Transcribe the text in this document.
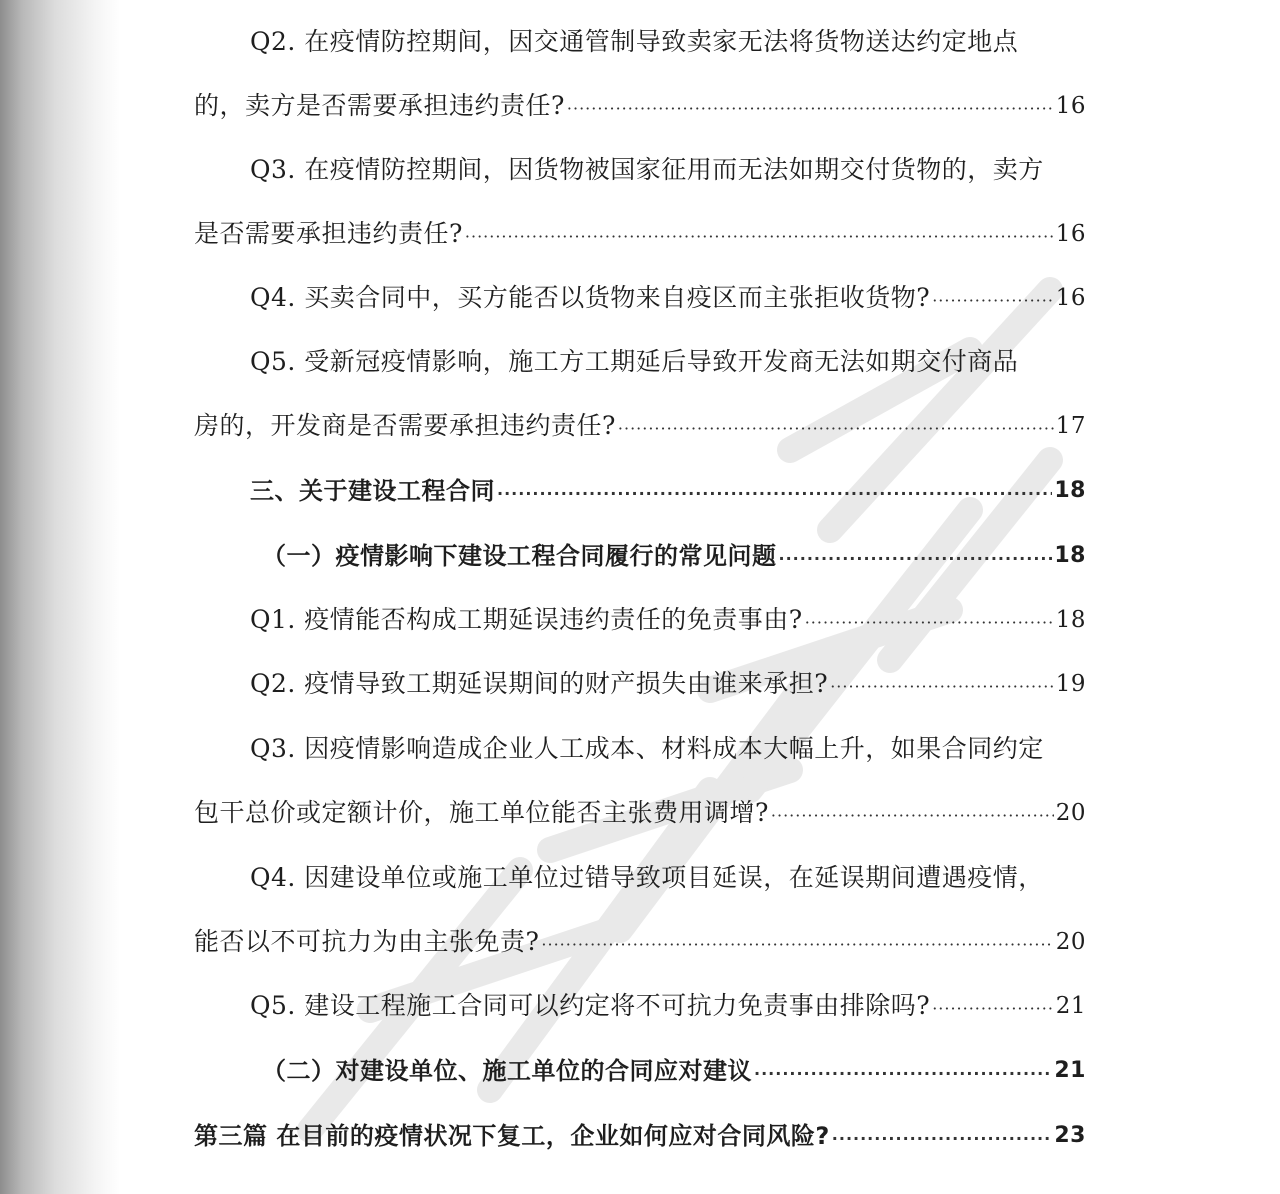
Q2. 在疫情防控期间，因交通管制导致卖家无法将货物送达约定地点
的，卖方是否需要承担违约责任? ·····	16
Q3. 在疫情防控期间，因货物被国家征用而无法如期交付货物的，卖方
是否需要承担违约责任? ·····	16
Q4. 买卖合同中，买方能否以货物来自疫区而主张拒收货物? ·····	16
Q5. 受新冠疫情影响，施工方工期延后导致开发商无法如期交付商品
房的，开发商是否需要承担违约责任? ·····	17
三、关于建设工程合同 ·····	18
（一）疫情影响下建设工程合同履行的常见问题 ·····	18
Q1. 疫情能否构成工期延误违约责任的免责事由? ·····	18
Q2. 疫情导致工期延误期间的财产损失由谁来承担? ·····	19
Q3. 因疫情影响造成企业人工成本、材料成本大幅上升，如果合同约定
包干总价或定额计价，施工单位能否主张费用调增? ·····	20
Q4. 因建设单位或施工单位过错导致项目延误，在延误期间遭遇疫情，
能否以不可抗力为由主张免责? ·····	20
Q5. 建设工程施工合同可以约定将不可抗力免责事由排除吗? ·····	21
（二）对建设单位、施工单位的合同应对建议 ·····	21
第三篇 在目前的疫情状况下复工，企业如何应对合同风险? ·····	23
